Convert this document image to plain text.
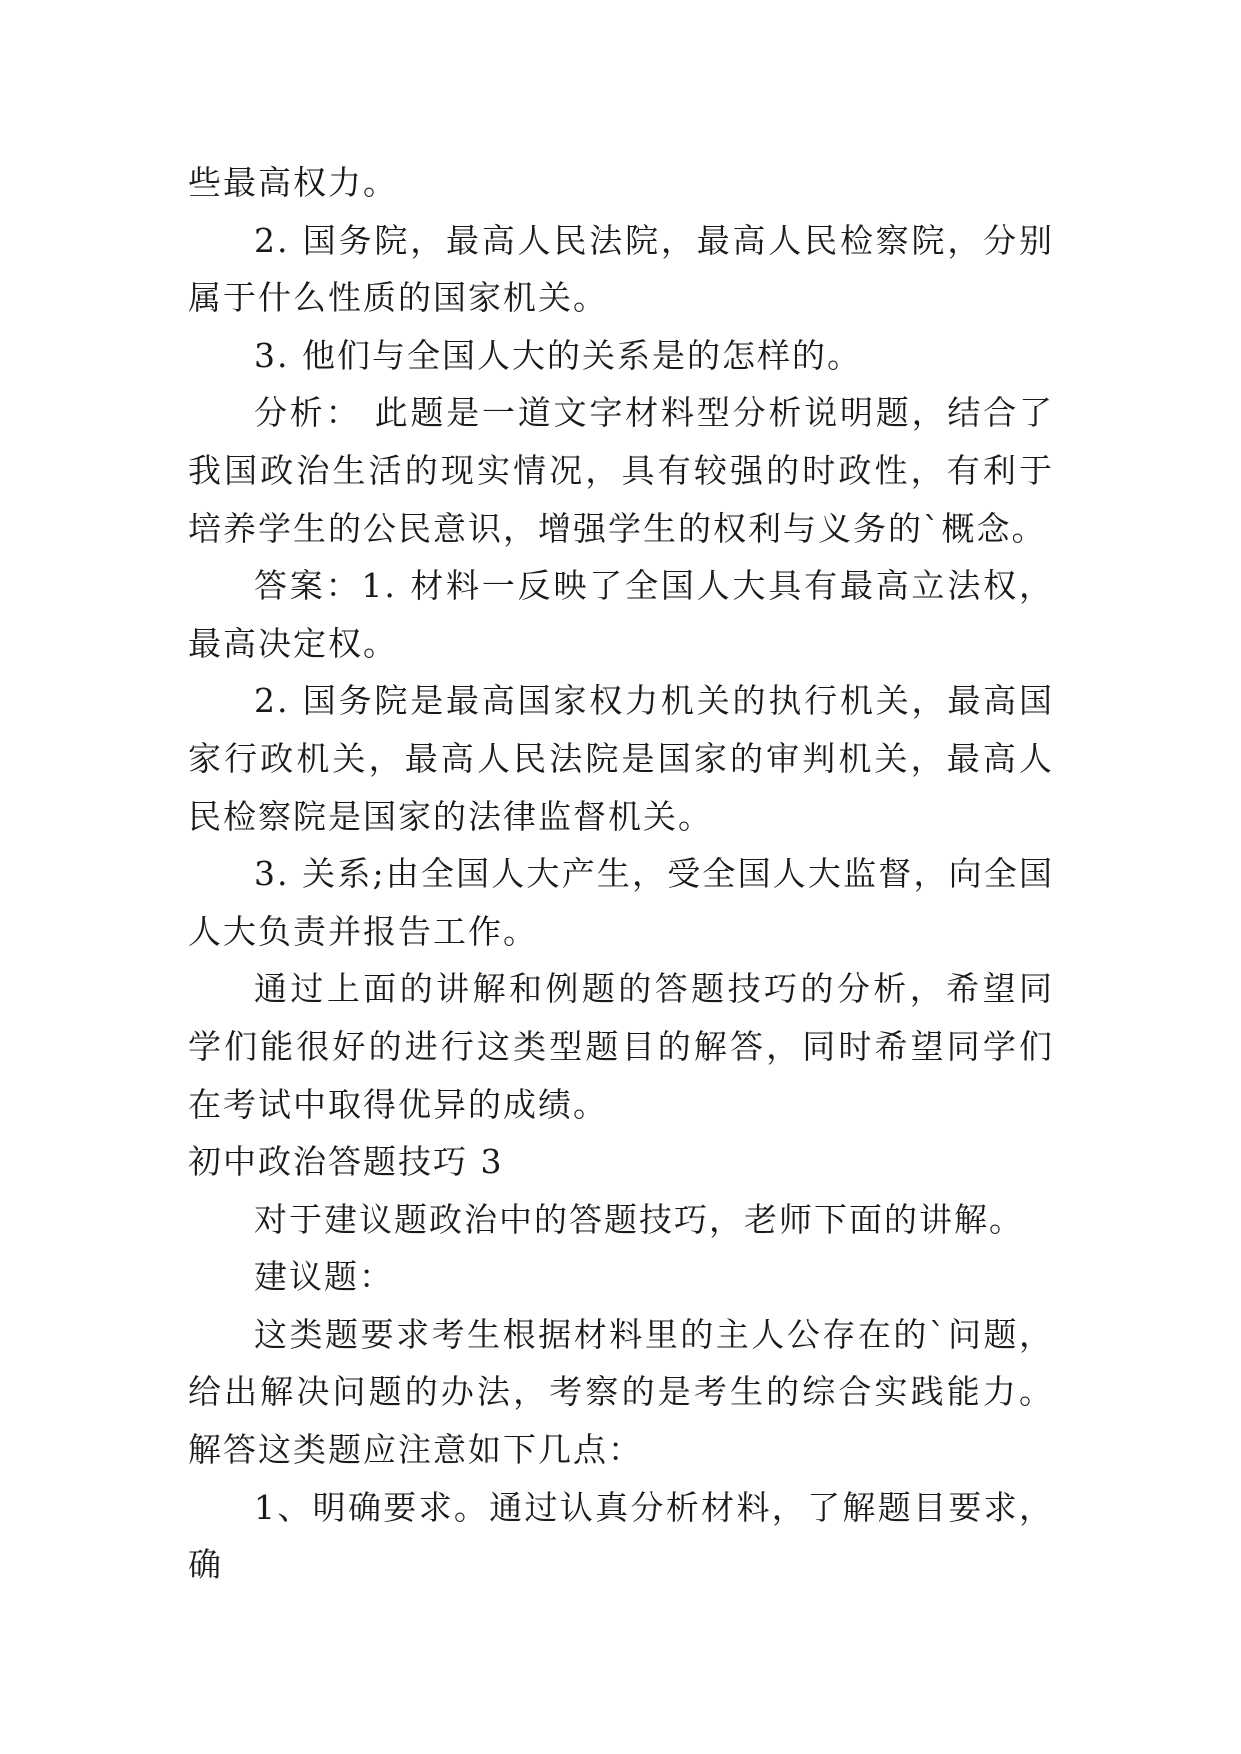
些最高权力。

2. 国务院，最高人民法院，最高人民检察院，分别属于什么性质的国家机关。

3. 他们与全国人大的关系是的怎样的。

分析： 此题是一道文字材料型分析说明题，结合了我国政治生活的现实情况，具有较强的时政性，有利于培养学生的公民意识，增强学生的权利与义务的`概念。

答案：1. 材料一反映了全国人大具有最高立法权，最高决定权。

2. 国务院是最高国家权力机关的执行机关，最高国家行政机关，最高人民法院是国家的审判机关，最高人民检察院是国家的法律监督机关。

3. 关系;由全国人大产生，受全国人大监督，向全国人大负责并报告工作。

通过上面的讲解和例题的答题技巧的分析，希望同学们能很好的进行这类型题目的解答，同时希望同学们在考试中取得优异的成绩。

初中政治答题技巧 3

对于建议题政治中的答题技巧，老师下面的讲解。

建议题：

这类题要求考生根据材料里的主人公存在的`问题，给出解决问题的办法，考察的是考生的综合实践能力。解答这类题应注意如下几点：

1、明确要求。通过认真分析材料，了解题目要求，确
